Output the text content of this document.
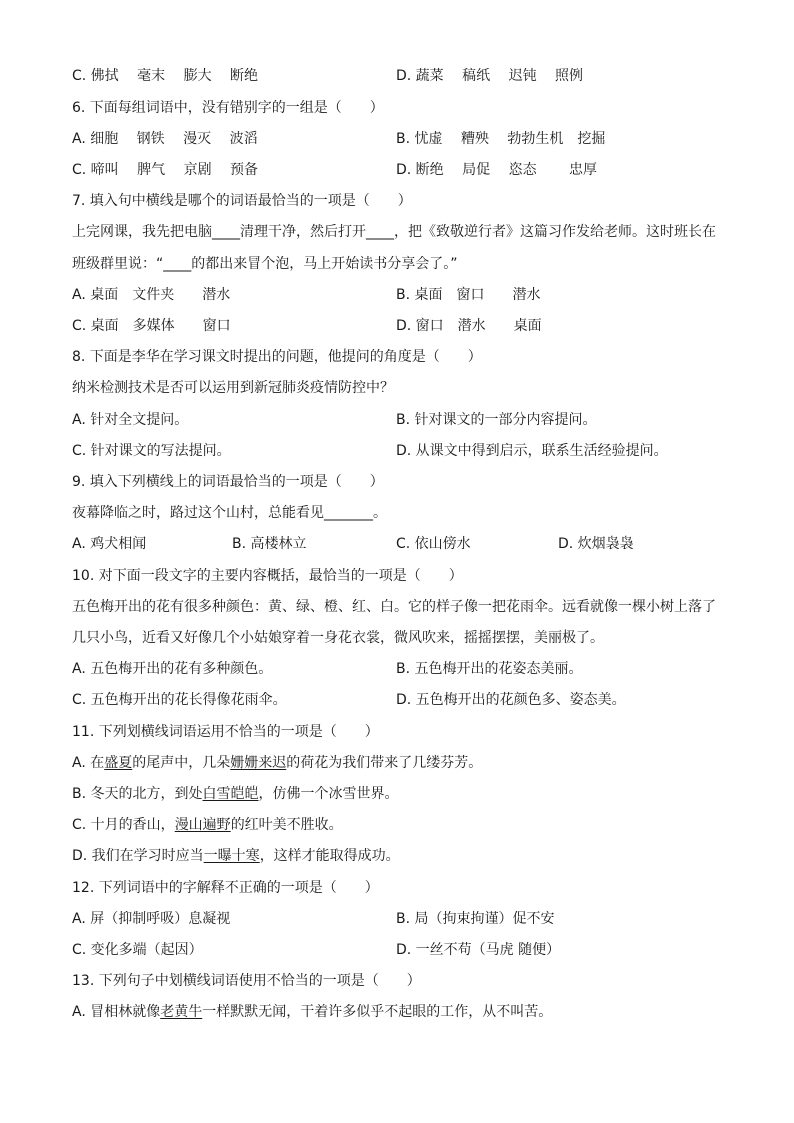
C. 佛拭　 毫末　 膨大　 断绝	D. 蔬菜　 稿纸　 迟钝　 照例
6. 下面每组词语中，没有错别字的一组是（　　）
A. 细胞　 钢铁　 漫灭　 波滔	B. 忧虚　 糟殃　 勃勃生机　挖掘
C. 啼叫　 脾气　 京剧　 预备	D. 断绝　 局促　 恣态　　 忠厚
7. 填入句中横线是哪个的词语最恰当的一项是（　　）
上完网课，我先把电脑____清理干净，然后打开____，把《致敬逆行者》这篇习作发给老师。这时班长在
班级群里说：“____的都出来冒个泡，马上开始读书分享会了。”
A. 桌面　文件夹　　潜水	B. 桌面　窗口　　潜水
C. 桌面　多媒体　　窗口	D. 窗口　潜水　　桌面
8. 下面是李华在学习课文时提出的问题，他提问的角度是（　　）
纳米检测技术是否可以运用到新冠肺炎疫情防控中？
A. 针对全文提问。	B. 针对课文的一部分内容提问。
C. 针对课文的写法提问。	D. 从课文中得到启示，联系生活经验提问。
9. 填入下列横线上的词语最恰当的一项是（　　）
夜幕降临之时，路过这个山村，总能看见_______。
A. 鸡犬相闻	B. 高楼林立	C. 依山傍水	D. 炊烟袅袅
10. 对下面一段文字的主要内容概括，最恰当的一项是（　　）
五色梅开出的花有很多种颜色：黄、绿、橙、红、白。它的样子像一把花雨伞。远看就像一棵小树上落了
几只小鸟，近看又好像几个小姑娘穿着一身花衣裳，微风吹来，摇摇摆摆，美丽极了。
A. 五色梅开出的花有多种颜色。	B. 五色梅开出的花姿态美丽。
C. 五色梅开出的花长得像花雨伞。	D. 五色梅开出的花颜色多、姿态美。
11. 下列划横线词语运用不恰当的一项是（　　）
A. 在盛夏的尾声中，几朵姗姗来迟的荷花为我们带来了几缕芬芳。
B. 冬天的北方，到处白雪皑皑，仿佛一个冰雪世界。
C. 十月的香山，漫山遍野的红叶美不胜收。
D. 我们在学习时应当一曝十寒，这样才能取得成功。
12. 下列词语中的字解释不正确的一项是（　　）
A. 屏（抑制呼吸）息凝视	B. 局（拘束拘谨）促不安
C. 变化多端（起因）	D. 一丝不苟（马虎 随便）
13. 下列句子中划横线词语使用不恰当的一项是（　　）
A. 冒相林就像老黄牛一样默默无闻，干着许多似乎不起眼的工作，从不叫苦。
